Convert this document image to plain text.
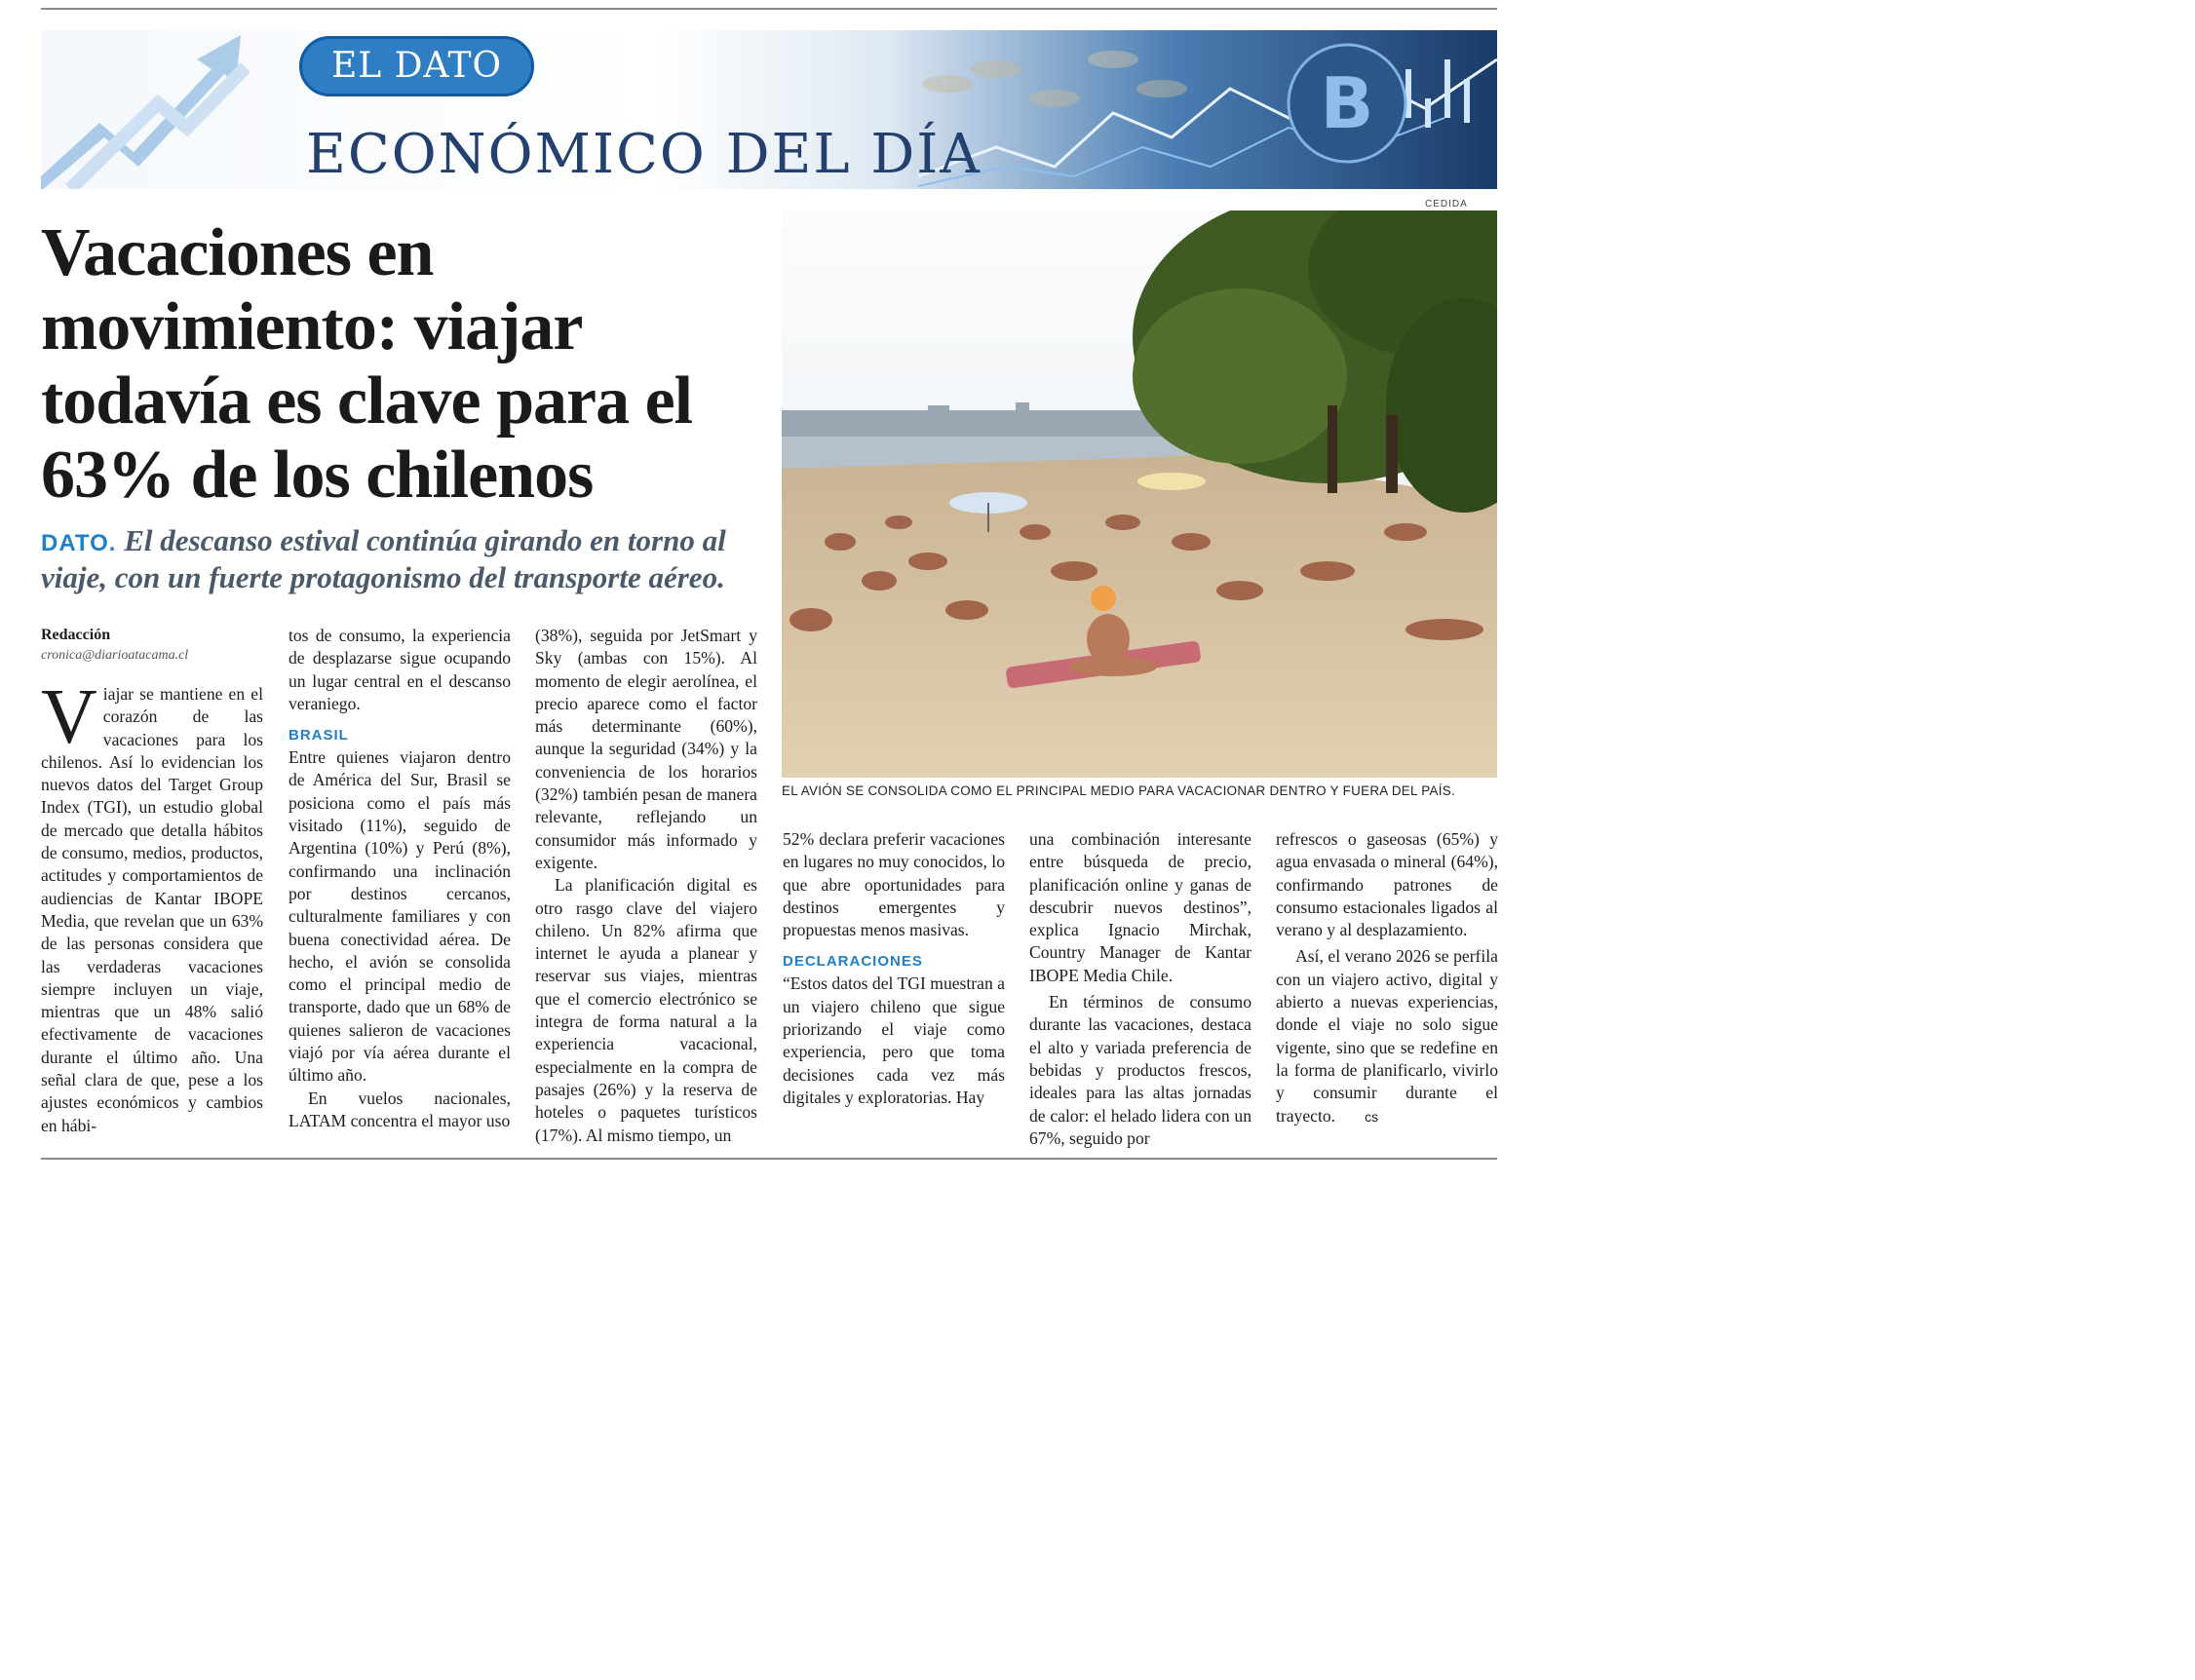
B
EL DATO
ECONÓMICO DEL DÍA
Vacaciones en movimiento: viajar todavía es clave para el 63% de los chilenos
DATO. El descanso estival continúa girando en torno al viaje, con un fuerte protagonismo del transporte aéreo.
CEDIDA
EL AVIÓN SE CONSOLIDA COMO EL PRINCIPAL MEDIO PARA VACACIONAR DENTRO Y FUERA DEL PAÍS.
Redacción
cronica@diarioatacama.cl

Viajar se mantiene en el corazón de las vacaciones para los chilenos. Así lo evidencian los nuevos datos del Target Group Index (TGI), un estudio global de mercado que detalla hábitos de consumo, medios, productos, actitudes y comportamientos de audiencias de Kantar IBOPE Media, que revelan que un 63% de las personas considera que las verdaderas vacaciones siempre incluyen un viaje, mientras que un 48% salió efectivamente de vacaciones durante el último año. Una señal clara de que, pese a los ajustes económicos y cambios en hábi-

tos de consumo, la experiencia de desplazarse sigue ocupando un lugar central en el descanso veraniego.

BRASIL

Entre quienes viajaron dentro de América del Sur, Brasil se posiciona como el país más visitado (11%), seguido de Argentina (10%) y Perú (8%), confirmando una inclinación por destinos cercanos, culturalmente familiares y con buena conectividad aérea. De hecho, el avión se consolida como el principal medio de transporte, dado que un 68% de quienes salieron de vacaciones viajó por vía aérea durante el último año.

En vuelos nacionales, LATAM concentra el mayor uso

(38%), seguida por JetSmart y Sky (ambas con 15%). Al momento de elegir aerolínea, el precio aparece como el factor más determinante (60%), aunque la seguridad (34%) y la conveniencia de los horarios (32%) también pesan de manera relevante, reflejando un consumidor más informado y exigente.

La planificación digital es otro rasgo clave del viajero chileno. Un 82% afirma que internet le ayuda a planear y reservar sus viajes, mientras que el comercio electrónico se integra de forma natural a la experiencia vacacional, especialmente en la compra de pasajes (26%) y la reserva de hoteles o paquetes turísticos (17%). Al mismo tiempo, un

52% declara preferir vacaciones en lugares no muy conocidos, lo que abre oportunidades para destinos emergentes y propuestas menos masivas.

DECLARACIONES

“Estos datos del TGI muestran a un viajero chileno que sigue priorizando el viaje como experiencia, pero que toma decisiones cada vez más digitales y exploratorias. Hay

una combinación interesante entre búsqueda de precio, planificación online y ganas de descubrir nuevos destinos”, explica Ignacio Mirchak, Country Manager de Kantar IBOPE Media Chile.

En términos de consumo durante las vacaciones, destaca el alto y variada preferencia de bebidas y productos frescos, ideales para las altas jornadas de calor: el helado lidera con un 67%, seguido por

refrescos o gaseosas (65%) y agua envasada o mineral (64%), confirmando patrones de consumo estacionales ligados al verano y al desplazamiento.

Así, el verano 2026 se perfila con un viajero activo, digital y abierto a nuevas experiencias, donde el viaje no solo sigue vigente, sino que se redefine en la forma de planificarlo, vivirlo y consumir durante el trayecto. cs
